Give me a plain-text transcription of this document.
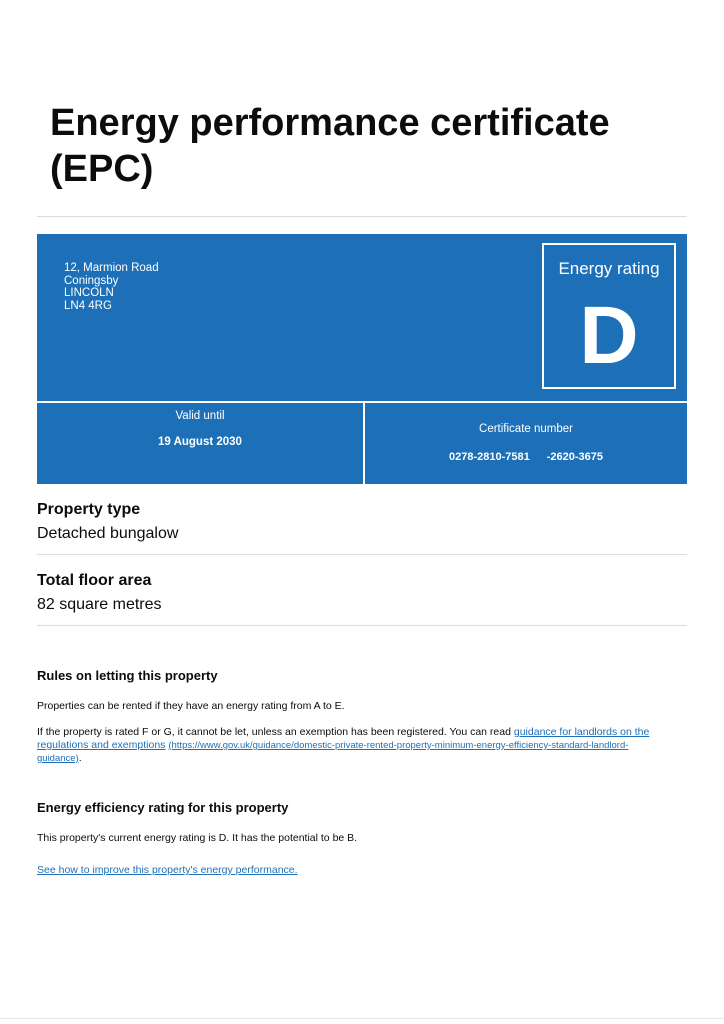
Energy performance certificate
(EPC)
12, Marmion Road
Coningsby
LINCOLN
LN4 4RG
Energy rating
D
Valid until
19 August 2030
Certificate number
0278-2810-7581 -2620-3675
Property type
Detached bungalow
Total floor area
82 square metres
Rules on letting this property

Properties can be rented if they have an energy rating from A to E.

If the property is rated F or G, it cannot be let, unless an exemption has been registered. You can read guidance for landlords on the regulations and exemptions (https://www.gov.uk/guidance/domestic-private-rented-property-minimum-energy-efficiency-standard-landlord-guidance).

Energy efficiency rating for this property

This property's current energy rating is D. It has the potential to be B.

See how to improve this property's energy performance.
